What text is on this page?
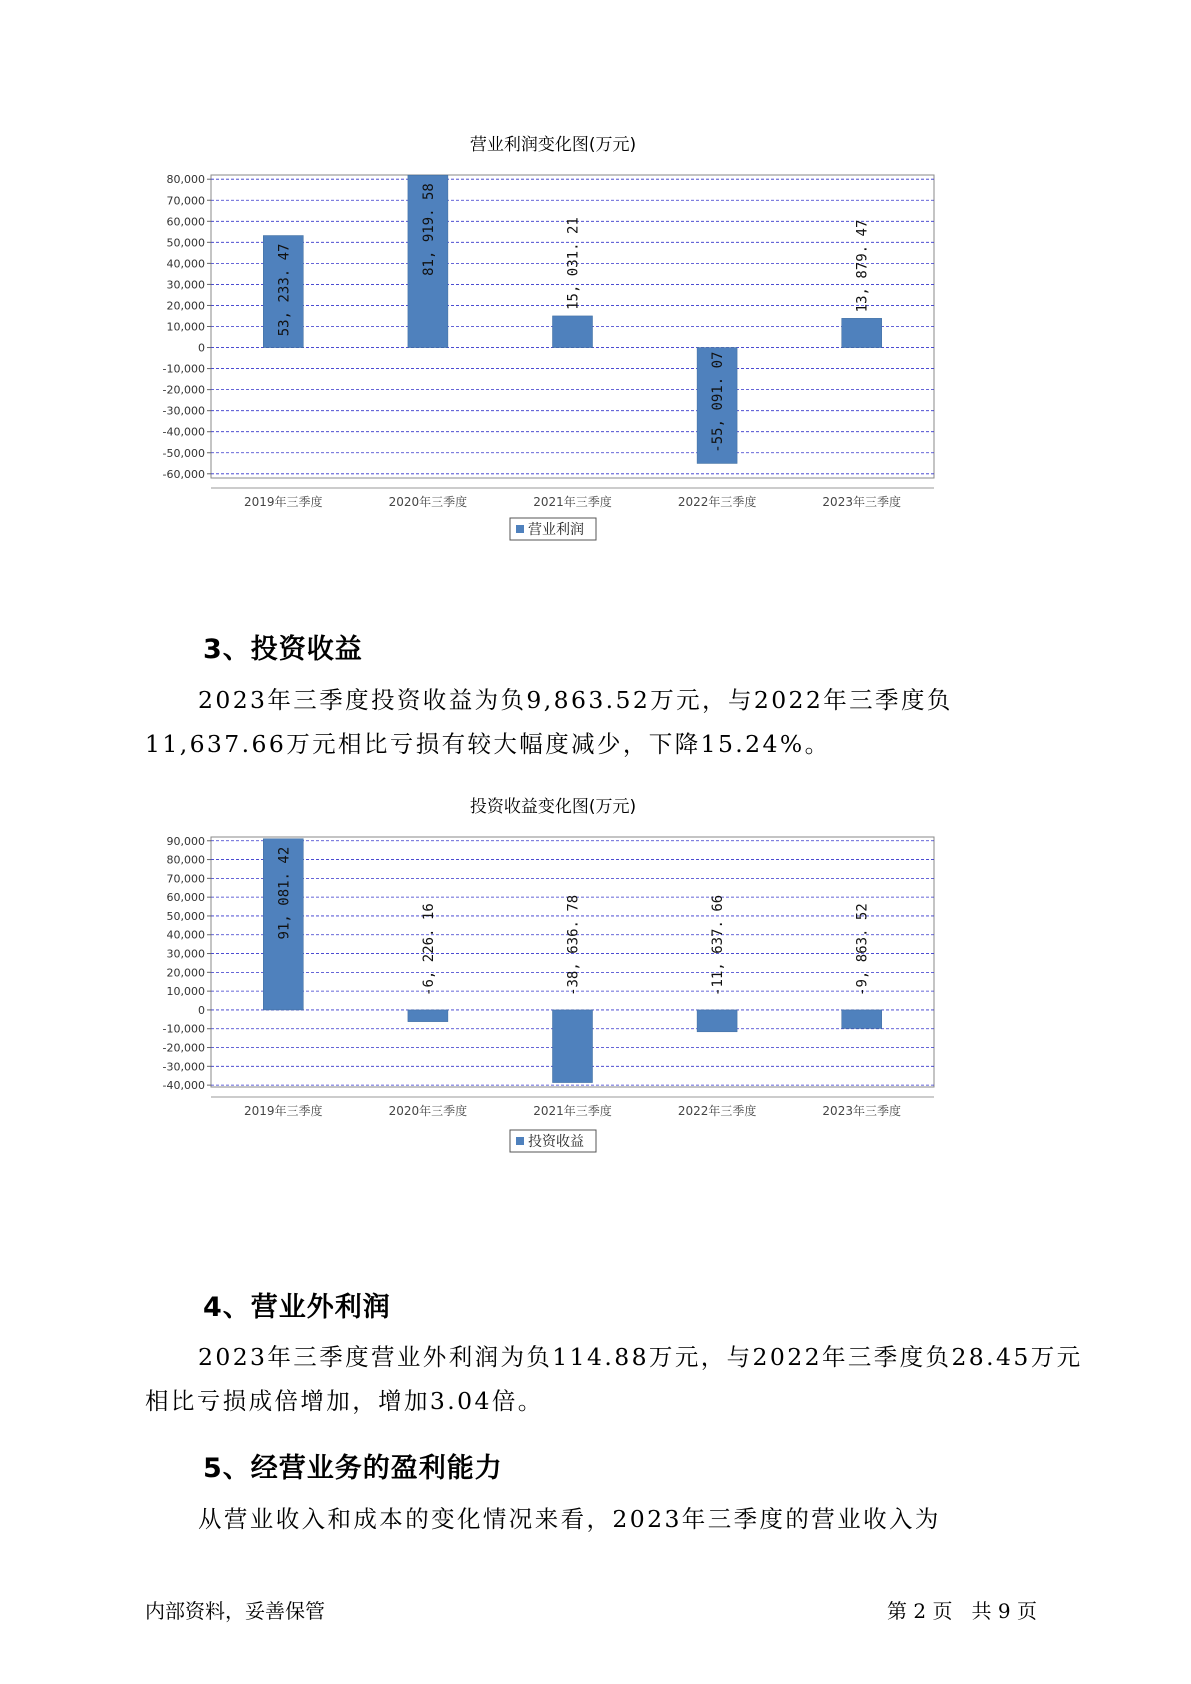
营业利润变化图(万元)
80,000
70,000
60,000
50,000
40,000
30,000
20,000
10,000
0
-10,000
-20,000
-30,000
-40,000
-50,000
-60,000
53, 233. 47
2019年三季度
81, 919. 58
2020年三季度
15, 031. 21
2021年三季度
-55, 091. 07
2022年三季度
13, 879. 47
2023年三季度
营业利润
3、投资收益

2023年三季度投资收益为负9,863.52万元，与2022年三季度负11,637.66万元相比亏损有较大幅度减少，下降15.24%。

投资收益变化图(万元)
90,000
80,000
70,000
60,000
50,000
40,000
30,000
20,000
10,000
0
-10,000
-20,000
-30,000
-40,000
91, 081. 42
2019年三季度
-6, 226. 16
2020年三季度
-38, 636. 78
2021年三季度
-11, 637. 66
2022年三季度
-9, 863. 52
2023年三季度
投资收益
4、营业外利润

2023年三季度营业外利润为负114.88万元，与2022年三季度负28.45万元相比亏损成倍增加，增加3.04倍。

5、经营业务的盈利能力

从营业收入和成本的变化情况来看，2023年三季度的营业收入为

内部资料，妥善保管	第 2 页   共 9 页
